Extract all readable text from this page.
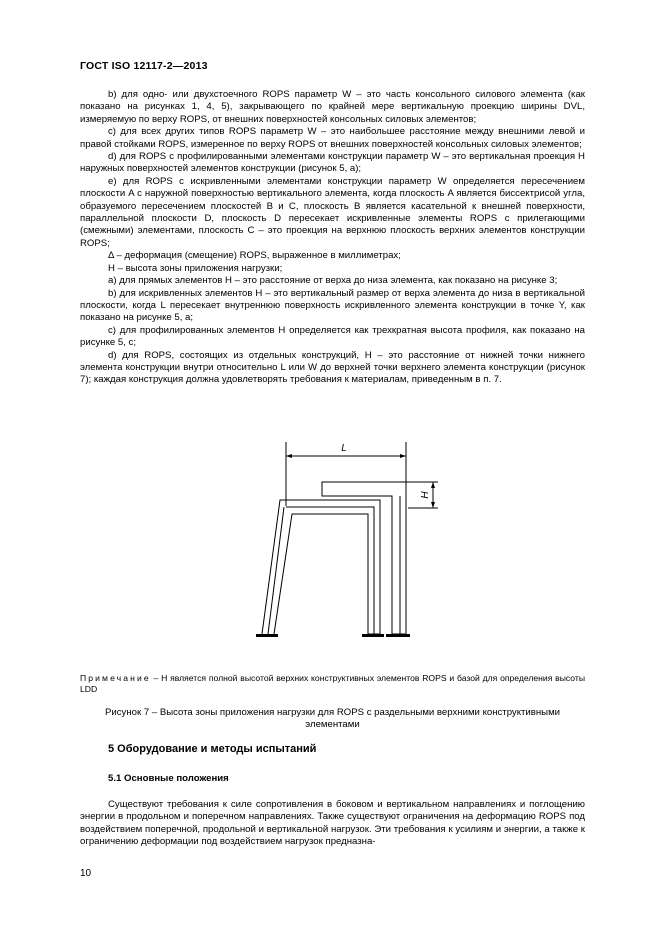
ГОСТ ISO 12117-2—2013

b) для одно- или двухстоечного ROPS параметр W – это часть консольного силового элемента (как показано на рисунках 1, 4, 5), закрывающего по крайней мере вертикальную проекцию ширины DVL, измеряемую по верху ROPS, от внешних поверхностей консольных силовых элементов;

c) для всех других типов ROPS параметр W – это наибольшее расстояние между внешними левой и правой стойками ROPS, измеренное по верху ROPS от внешних поверхностей консольных силовых элементов;

d) для ROPS с профилированными элементами конструкции параметр W – это вертикальная проекция H наружных поверхностей элементов конструкции (рисунок 5, a);

e) для ROPS с искривленными элементами конструкции параметр W определяется пересечением плоскости A с наружной поверхностью вертикального элемента, когда плоскость A является биссектрисой угла, образуемого пересечением плоскостей B и C, плоскость B является касательной к внешней поверхности, параллельной плоскости D, плоскость D пересекает искривленные элементы ROPS с прилегающими (смежными) элементами, плоскость C – это проекция на верхнюю плоскость верхних элементов конструкции ROPS;

Δ – деформация (смещение) ROPS, выраженное в миллиметрах;

H – высота зоны приложения нагрузки;

a) для прямых элементов H – это расстояние от верха до низа элемента, как показано на рисунке 3;

b) для искривленных элементов H – это вертикальный размер от верха элемента до низа в вертикальной плоскости, когда L пересекает внутреннюю поверхность искривленного элемента конструкции в точке Y, как показано на рисунке 5, a;

c) для профилированных элементов H определяется как трехкратная высота профиля, как показано на рисунке 5, c;

d) для ROPS, состоящих из отдельных конструкций, H – это расстояние от нижней точки нижнего элемента конструкции внутри относительно L или W до верхней точки верхнего элемента конструкции (рисунок 7); каждая конструкция должна удовлетворять требования к материалам, приведенным в п. 7.

L
H
Примечание – H является полной высотой верхних конструктивных элементов ROPS и базой для определения высоты LDD
Рисунок 7 – Высота зоны приложения нагрузки для ROPS с раздельными верхними конструктивными элементами
5 Оборудование и методы испытаний
5.1 Основные положения

Существуют требования к силе сопротивления в боковом и вертикальном направлениях и поглощению энергии в продольном и поперечном направлениях. Также существуют ограничения на деформацию ROPS под воздействием поперечной, продольной и вертикальной нагрузок. Эти требования к усилиям и энергии, а также к ограничению деформации под воздействием нагрузок предназна-

10
